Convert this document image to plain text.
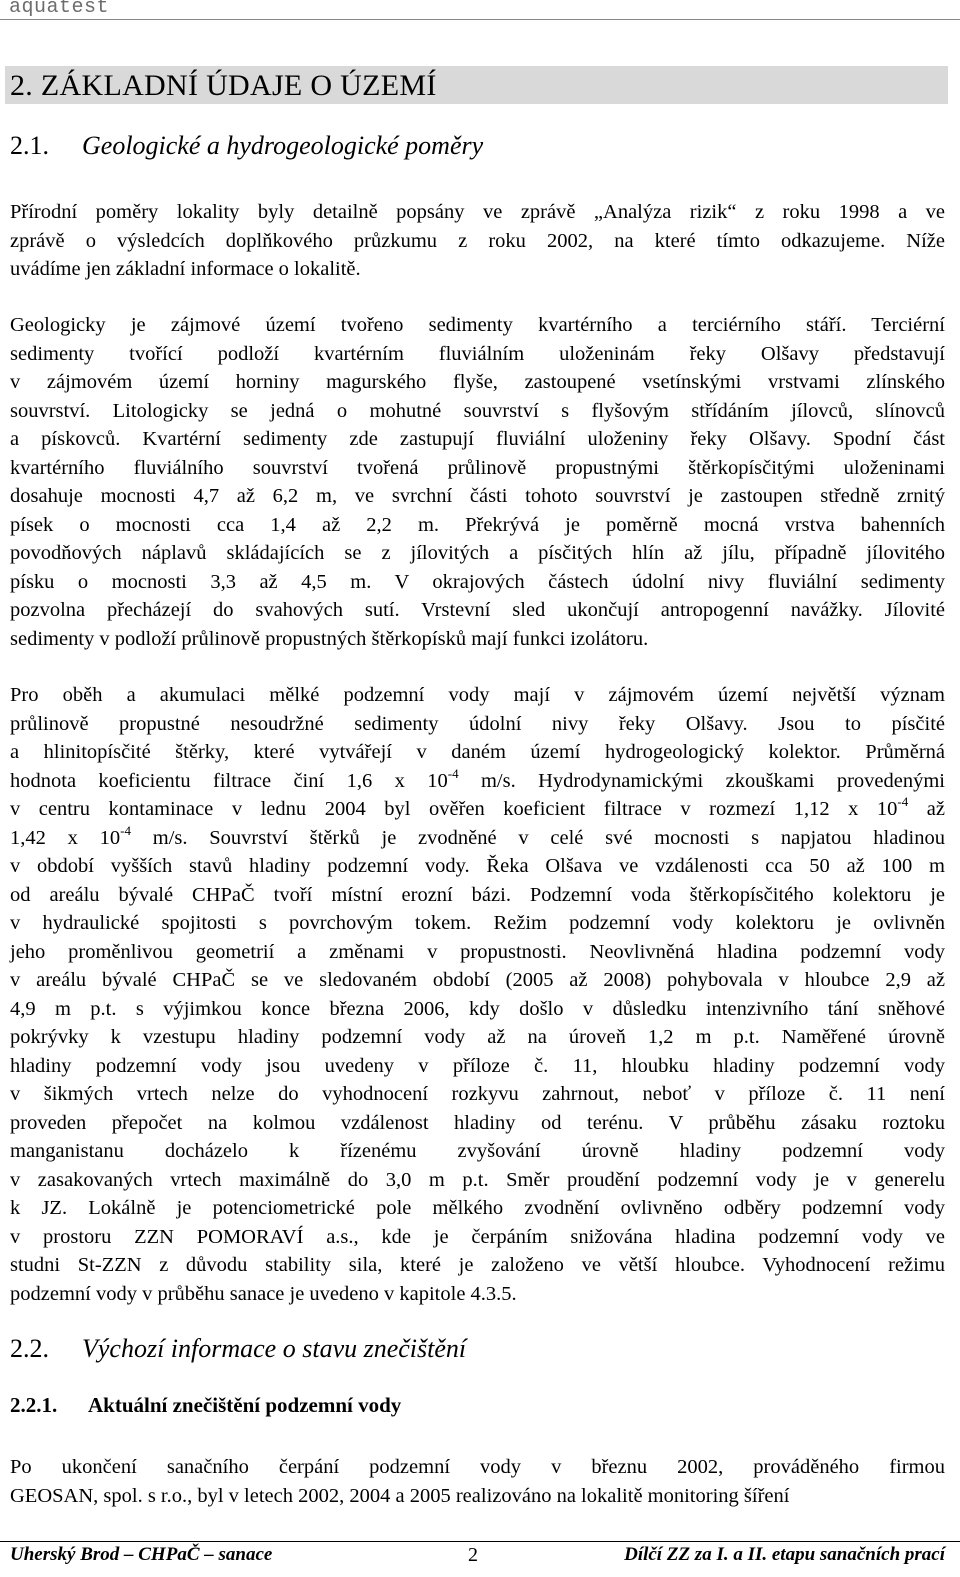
aquatest
2. ZÁKLADNÍ ÚDAJE O ÚZEMÍ
2.1. Geologické a hydrogeologické poměry
Přírodní poměry lokality byly detailně popsány ve zprávě „Analýza rizik“ z roku 1998 a ve
zprávě o výsledcích doplňkového průzkumu z roku 2002, na které tímto odkazujeme. Níže
uvádíme jen základní informace o lokalitě.
Geologicky je zájmové území tvořeno sedimenty kvartérního a terciérního stáří. Terciérní
sedimenty tvořící podloží kvartérním fluviálním uloženinám řeky Olšavy představují
v zájmovém území horniny magurského flyše, zastoupené vsetínskými vrstvami zlínského
souvrství. Litologicky se jedná o mohutné souvrství s flyšovým střídáním jílovců, slínovců
a pískovců. Kvartérní sedimenty zde zastupují fluviální uloženiny řeky Olšavy. Spodní část
kvartérního fluviálního souvrství tvořená průlinově propustnými štěrkopísčitými uloženinami
dosahuje mocnosti 4,7 až 6,2 m, ve svrchní části tohoto souvrství je zastoupen středně zrnitý
písek o mocnosti cca 1,4 až 2,2 m. Překrývá je poměrně mocná vrstva bahenních
povodňových náplavů skládajících se z jílovitých a písčitých hlín až jílu, případně jílovitého
písku o mocnosti 3,3 až 4,5 m. V okrajových částech údolní nivy fluviální sedimenty
pozvolna přecházejí do svahových sutí. Vrstevní sled ukončují antropogenní navážky. Jílovité
sedimenty v podloží průlinově propustných štěrkopísků mají funkci izolátoru.
Pro oběh a akumulaci mělké podzemní vody mají v zájmovém území největší význam
průlinově propustné nesoudržné sedimenty údolní nivy řeky Olšavy. Jsou to písčité
a hlinitopísčité štěrky, které vytvářejí v daném území hydrogeologický kolektor. Průměrná
hodnota koeficientu filtrace činí 1,6 x $10^{-4}$ m/s. Hydrodynamickými zkouškami provedenými
v centru kontaminace v lednu 2004 byl ověřen koeficient filtrace v rozmezí 1,12 x $10^{-4}$ až
1,42 x $10^{-4}$ m/s. Souvrství štěrků je zvodněné v celé své mocnosti s napjatou hladinou
v období vyšších stavů hladiny podzemní vody. Řeka Olšava ve vzdálenosti cca 50 až 100 m
od areálu bývalé CHPaČ tvoří místní erozní bázi. Podzemní voda štěrkopísčitého kolektoru je
v hydraulické spojitosti s povrchovým tokem. Režim podzemní vody kolektoru je ovlivněn
jeho proměnlivou geometrií a změnami v propustnosti. Neovlivněná hladina podzemní vody
v areálu bývalé CHPaČ se ve sledovaném období (2005 až 2008) pohybovala v hloubce 2,9 až
4,9 m p.t. s výjimkou konce března 2006, kdy došlo v důsledku intenzivního tání sněhové
pokrývky k vzestupu hladiny podzemní vody až na úroveň 1,2 m p.t. Naměřené úrovně
hladiny podzemní vody jsou uvedeny v příloze č. 11, hloubku hladiny podzemní vody
v šikmých vrtech nelze do vyhodnocení rozkyvu zahrnout, neboť v příloze č. 11 není
proveden přepočet na kolmou vzdálenost hladiny od terénu. V průběhu zásaku roztoku
manganistanu docházelo k řízenému zvyšování úrovně hladiny podzemní vody
v zasakovaných vrtech maximálně do 3,0 m p.t. Směr proudění podzemní vody je v generelu
k JZ. Lokálně je potenciometrické pole mělkého zvodnění ovlivněno odběry podzemní vody
v prostoru ZZN POMORAVÍ a.s., kde je čerpáním snižována hladina podzemní vody ve
studni St-ZZN z důvodu stability sila, které je založeno ve větší hloubce. Vyhodnocení režimu
podzemní vody v průběhu sanace je uvedeno v kapitole 4.3.5.
2.2. Výchozí informace o stavu znečištění
2.2.1. Aktuální znečištění podzemní vody
Po ukončení sanačního čerpání podzemní vody v březnu 2002, prováděného firmou
GEOSAN, spol. s r.o., byl v letech 2002, 2004 a 2005 realizováno na lokalitě monitoring šíření
Uherský Brod – CHPaČ – sanace	2	Dílčí ZZ za I. a II. etapu sanačních prací
